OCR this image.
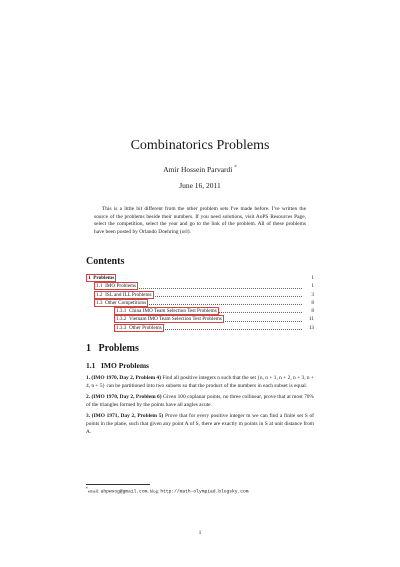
Combinatorics Problems
Amir Hossein Parvardi *
June 16, 2011
This is a little bit different from the other problem sets I've made before. I've written the source of the problems beside their numbers. If you need solutions, visit AoPS Resources Page, select the competition, select the year and go to the link of the problem. All of these problems have been posted by Orlando Doehring (orl).
Contents
1 Problems	1
1.1 IMO Problems	1
1.2 ISL and ILL Problems	3
1.3 Other Competitions	8
1.3.1 China IMO Team Selection Test Problems	8
1.3.2 Vietnam IMO Team Selection Test Problems	11
1.3.3 Other Problems	13
1 Problems
1.1 IMO Problems

1. (IMO 1970, Day 2, Problem 4) Find all positive integers n such that the set {n, n + 1, n + 2, n + 3, n + 4, n + 5} can be partitioned into two subsets so that the product of the numbers in each subset is equal.

2. (IMO 1970, Day 2, Problem 6) Given 100 coplanar points, no three collinear, prove that at most 70% of the triangles formed by the points have all angles acute.

3. (IMO 1971, Day 2, Problem 5) Prove that for every positive integer m we can find a finite set S of points in the plane, such that given any point A of S, there are exactly m points in S at unit distance from A.

*email: ahpwsog@gmail.com, blog: http://math-olympiad.blogsky.com
1
